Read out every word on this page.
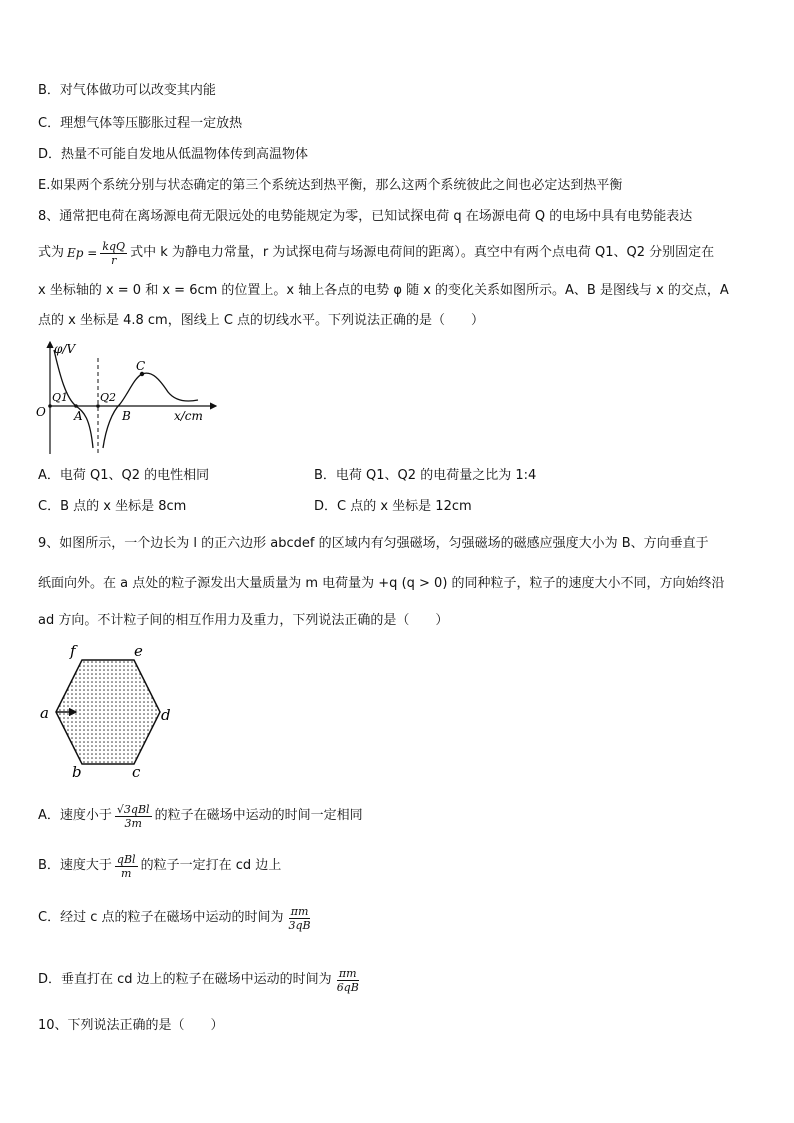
B．对气体做功可以改变其内能
C．理想气体等压膨胀过程一定放热
D．热量不可能自发地从低温物体传到高温物体
E.如果两个系统分别与状态确定的第三个系统达到热平衡，那么这两个系统彼此之间也必定达到热平衡
8、通常把电荷在离场源电荷无限远处的电势能规定为零，已知试探电荷 q 在场源电荷 Q 的电场中具有电势能表达
式为 $Ep = \frac{\text{kqQ}}{r}$ 式中 k 为静电力常量，r 为试探电荷与场源电荷间的距离）。真空中有两个点电荷 Q1、Q2 分别固定在
x 坐标轴的 x = 0 和 x = 6cm 的位置上。x 轴上各点的电势 φ 随 x 的变化关系如图所示。A、B 是图线与 x 的交点，A
点的 x 坐标是 4.8 cm，图线上 C 点的切线水平。下列说法正确的是（　　）
φ/V
x/cm
O
Q1	Q2
A	B
C
A．电荷 Q1、Q2 的电性相同	B．电荷 Q1、Q2 的电荷量之比为 1:4
C．B 点的 x 坐标是 8cm	D．C 点的 x 坐标是 12cm
9、如图所示，一个边长为 l 的正六边形 abcdef 的区域内有匀强磁场，匀强磁场的磁感应强度大小为 B、方向垂直于
纸面向外。在 a 点处的粒子源发出大量质量为 m 电荷量为 +q (q > 0) 的同种粒子，粒子的速度大小不同，方向始终沿
ad 方向。不计粒子间的相互作用力及重力，下列说法正确的是（　　）
a
b	c
d
e
f
A．速度小于 $\frac{\text{√3qBl}}{3m}$ 的粒子在磁场中运动的时间一定相同
B．速度大于 $\frac{\text{qBl}}{m}$ 的粒子一定打在 cd 边上
C．经过 c 点的粒子在磁场中运动的时间为 $\frac{\pi m}{3qB}$
D．垂直打在 cd 边上的粒子在磁场中运动的时间为 $\frac{\pi m}{6qB}$
10、下列说法正确的是（　　）
